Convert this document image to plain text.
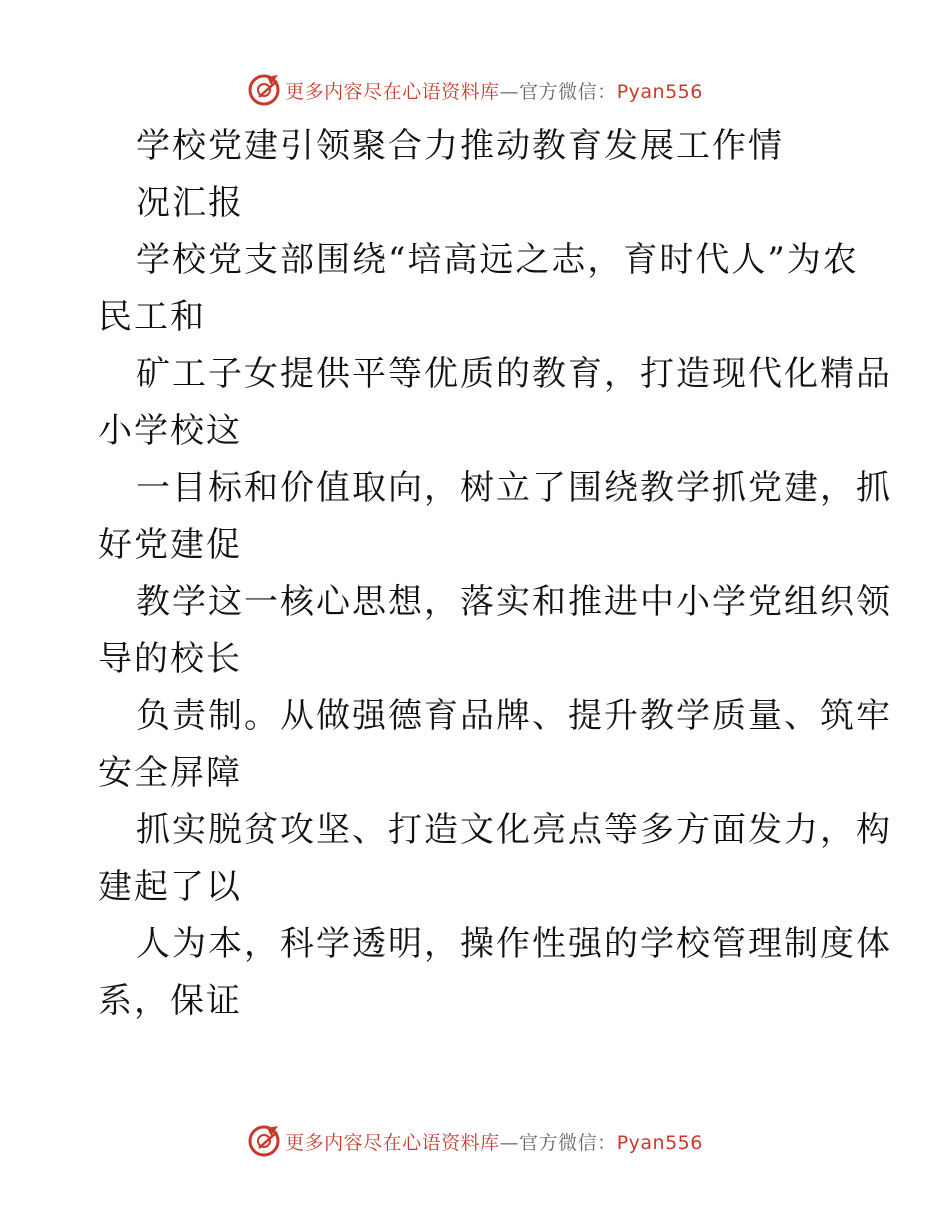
更多内容尽在心语资料库—官方微信：Pyan556
学校党建引领聚合力推动教育发展工作情
况汇报
学校党支部围绕“培高远之志，育时代人”为农
民工和
矿工子女提供平等优质的教育，打造现代化精品
小学校这
一目标和价值取向，树立了围绕教学抓党建，抓
好党建促
教学这一核心思想，落实和推进中小学党组织领
导的校长
负责制。从做强德育品牌、提升教学质量、筑牢
安全屏障
抓实脱贫攻坚、打造文化亮点等多方面发力，构
建起了以
人为本，科学透明，操作性强的学校管理制度体
系，保证
更多内容尽在心语资料库—官方微信：Pyan556
